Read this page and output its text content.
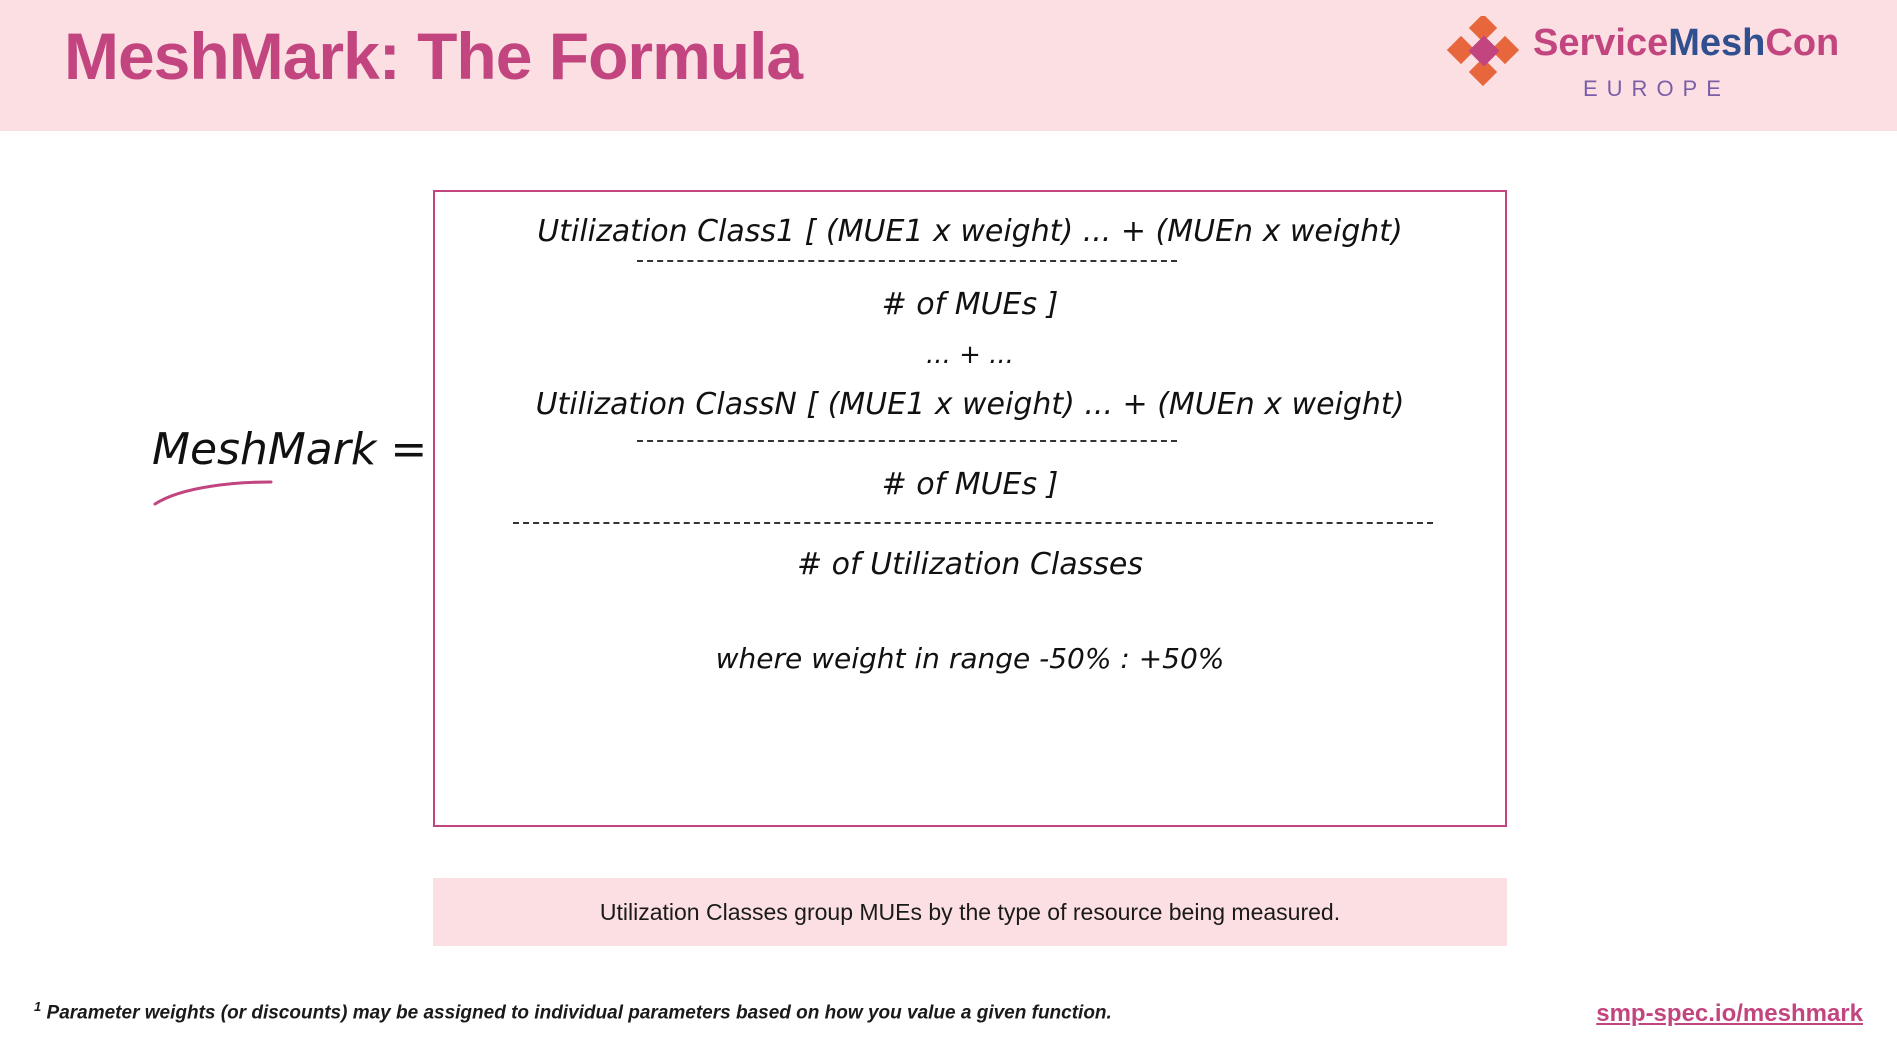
MeshMark: The Formula	ServiceMeshCon
EUROPE
MeshMark =
Utilization Class1 [ (MUE1 x weight) ... + (MUEn x weight)
# of MUEs ]
... + ...
Utilization ClassN [ (MUE1 x weight) ... + (MUEn x weight)
# of MUEs ]
# of Utilization Classes
where weight in range -50% : +50%
Utilization Classes group MUEs by the type of resource being measured.
$^1$ Parameter weights (or discounts) may be assigned to individual parameters based on how you value a given function.	smp-spec.io/meshmark
